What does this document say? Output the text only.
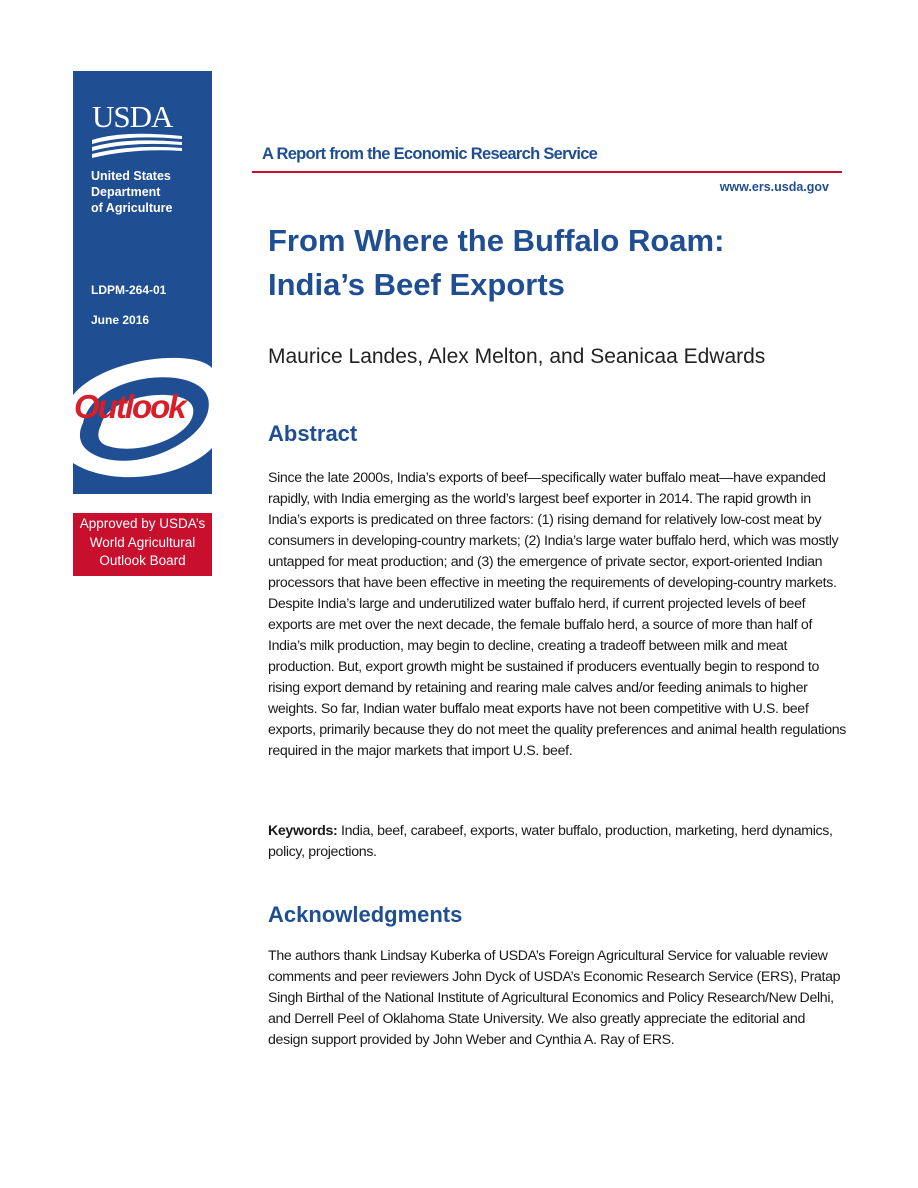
USDA
United States
Department
of Agriculture
LDPM-264-01
June 2016
Outlook
Approved by USDA’s
World Agricultural
Outlook Board
A Report from the Economic Research Service
www.ers.usda.gov
From Where the Buffalo Roam:
India’s Beef Exports
Maurice Landes, Alex Melton, and Seanicaa Edwards
Abstract
Since the late 2000s, India’s exports of beef—specifically water buffalo meat—have expanded rapidly, with India emerging as the world’s largest beef exporter in 2014. The rapid growth in India’s exports is predicated on three factors: (1) rising demand for relatively low-cost meat by consumers in developing-country markets; (2) India’s large water buffalo herd, which was mostly untapped for meat production; and (3) the emergence of private sector, export-oriented Indian processors that have been effective in meeting the requirements of developing-country markets. Despite India’s large and underutilized water buffalo herd, if current projected levels of beef exports are met over the next decade, the female buffalo herd, a source of more than half of India’s milk production, may begin to decline, creating a tradeoff between milk and meat production. But, export growth might be sustained if producers eventually begin to respond to rising export demand by retaining and rearing male calves and/or feeding animals to higher weights. So far, Indian water buffalo meat exports have not been competitive with U.S. beef exports, primarily because they do not meet the quality preferences and animal health regulations required in the major markets that import U.S. beef.
Keywords: India, beef, carabeef, exports, water buffalo, production, marketing, herd dynamics, policy, projections.
Acknowledgments
The authors thank Lindsay Kuberka of USDA’s Foreign Agricultural Service for valuable review comments and peer reviewers John Dyck of USDA’s Economic Research Service (ERS), Pratap Singh Birthal of the National Institute of Agricultural Economics and Policy Research/New Delhi, and Derrell Peel of Oklahoma State University. We also greatly appreciate the editorial and design support provided by John Weber and Cynthia A. Ray of ERS.
